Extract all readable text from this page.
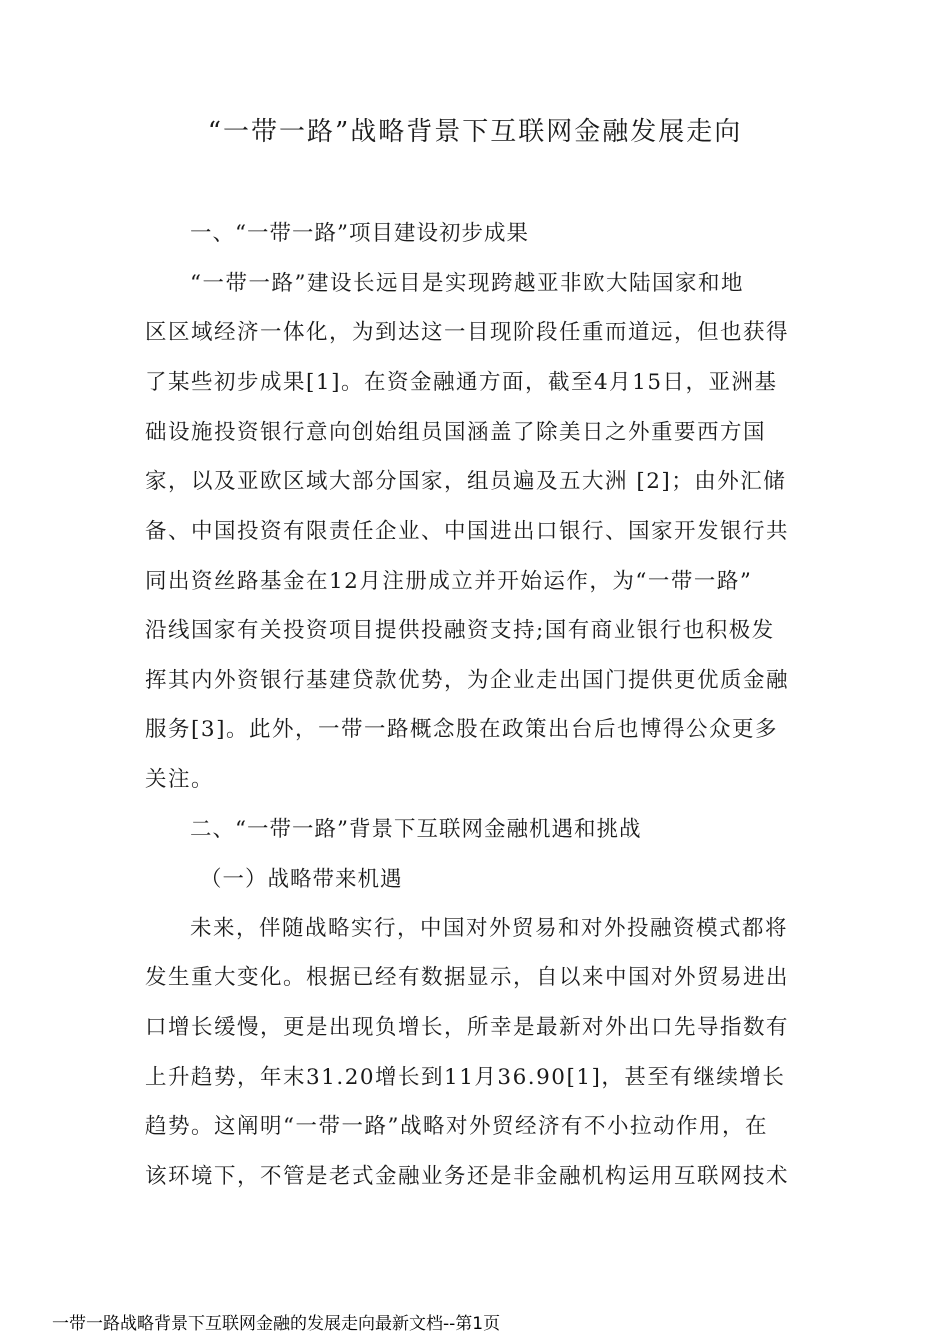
“一带一路”战略背景下互联网金融发展走向
一、“一带一路”项目建设初步成果
“一带一路”建设长远目是实现跨越亚非欧大陆国家和地
区区域经济一体化，为到达这一目现阶段任重而道远，但也获得
了某些初步成果[1]。在资金融通方面，截至4月15日，亚洲基
础设施投资银行意向创始组员国涵盖了除美日之外重要西方国
家，以及亚欧区域大部分国家，组员遍及五大洲 [2]；由外汇储
备、中国投资有限责任企业、中国进出口银行、国家开发银行共
同出资丝路基金在12月注册成立并开始运作，为“一带一路”
沿线国家有关投资项目提供投融资支持;国有商业银行也积极发
挥其内外资银行基建贷款优势，为企业走出国门提供更优质金融
服务[3]。此外，一带一路概念股在政策出台后也博得公众更多
关注。
二、“一带一路”背景下互联网金融机遇和挑战
（一）战略带来机遇
未来，伴随战略实行，中国对外贸易和对外投融资模式都将
发生重大变化。根据已经有数据显示，自以来中国对外贸易进出
口增长缓慢，更是出现负增长，所幸是最新对外出口先导指数有
上升趋势，年末31.20增长到11月36.90[1]，甚至有继续增长
趋势。这阐明“一带一路”战略对外贸经济有不小拉动作用，在
该环境下，不管是老式金融业务还是非金融机构运用互联网技术
一带一路战略背景下互联网金融的发展走向最新文档--第1页
